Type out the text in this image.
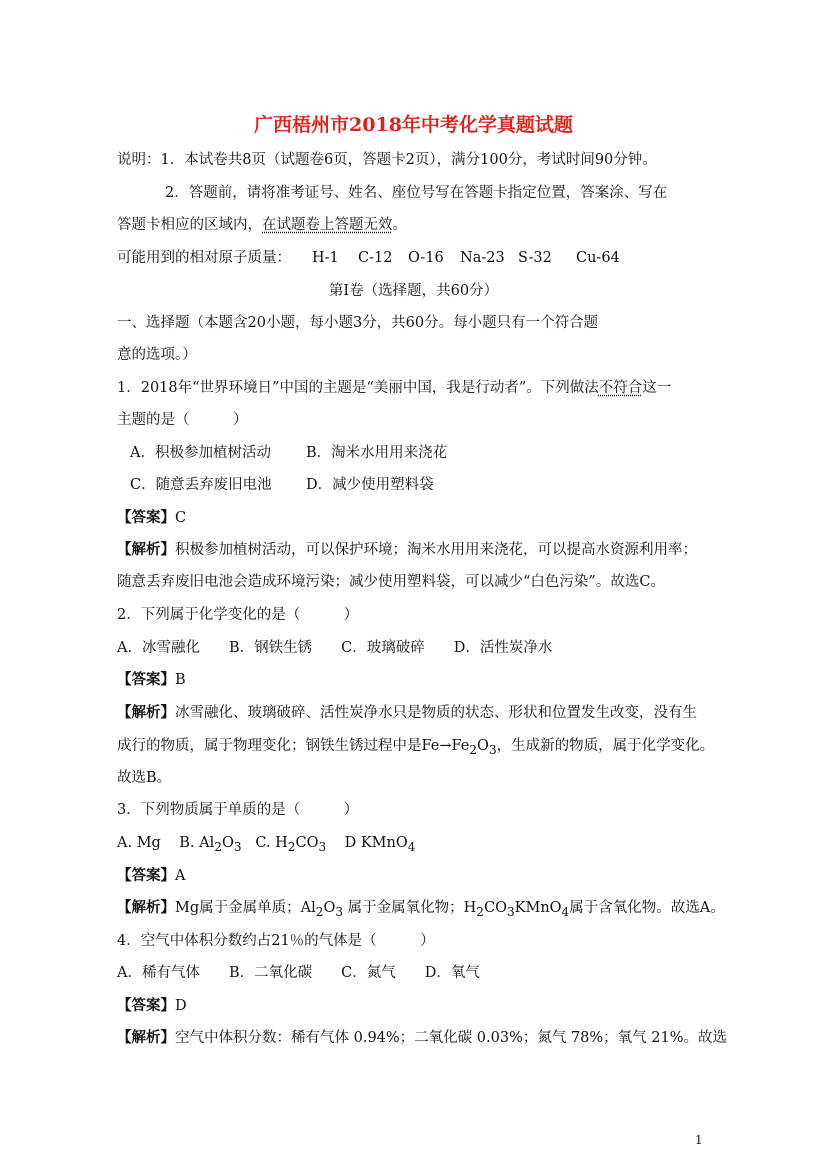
广西梧州市2018年中考化学真题试题
说明：1．本试卷共8页（试题卷6页，答题卡2页），满分100分，考试时间90分钟。
2．答题前，请将准考证号、姓名、座位号写在答题卡指定位置，答案涂、写在
答题卡相应的区域内，在试题卷上答题无效。
可能用到的相对原子质量： H-1 C-12 O-16 Na-23 S-32 Cu-64
第Ⅰ卷（选择题，共60分）
一、选择题（本题含20小题，每小题3分，共60分。每小题只有一个符合题
意的选项。）
1．2018年“世界环境日”中国的主题是“美丽中国，我是行动者”。下列做法不符合这一
主题的是（　　　）
A．积极参加植树活动 B．淘米水用用来浇花
C．随意丢弃废旧电池 D．减少使用塑料袋
【答案】C
【解析】积极参加植树活动，可以保护环境；淘米水用用来浇花，可以提高水资源利用率；
随意丢弃废旧电池会造成环境污染；减少使用塑料袋，可以减少“白色污染”。故选C。
2．下列属于化学变化的是（　　　）
A．冰雪融化　　B．钢铁生锈　　C．玻璃破碎　　D．活性炭净水
【答案】B
【解析】冰雪融化、玻璃破碎、活性炭净水只是物质的状态、形状和位置发生改变，没有生
成行的物质，属于物理变化；钢铁生锈过程中是$Fe\to Fe_2O_3$，生成新的物质，属于化学变化。
故选B。
3．下列物质属于单质的是（　　　）
A. Mg B. $Al_2O_3$ C. $H_2CO_3$ D KMnO$_4$
【答案】A
【解析】Mg属于金属单质；$Al_2O_3$ 属于金属氧化物；$H_2CO_3KMnO_4$属于含氧化物。故选A。
4．空气中体积分数约占21％的气体是（　　　）
A．稀有气体　　B．二氧化碳　　C．氮气　　D．氧气
【答案】D
【解析】空气中体积分数：稀有气体 0.94%；二氧化碳 0.03%；氮气 78%；氧气 21%。故选
1
